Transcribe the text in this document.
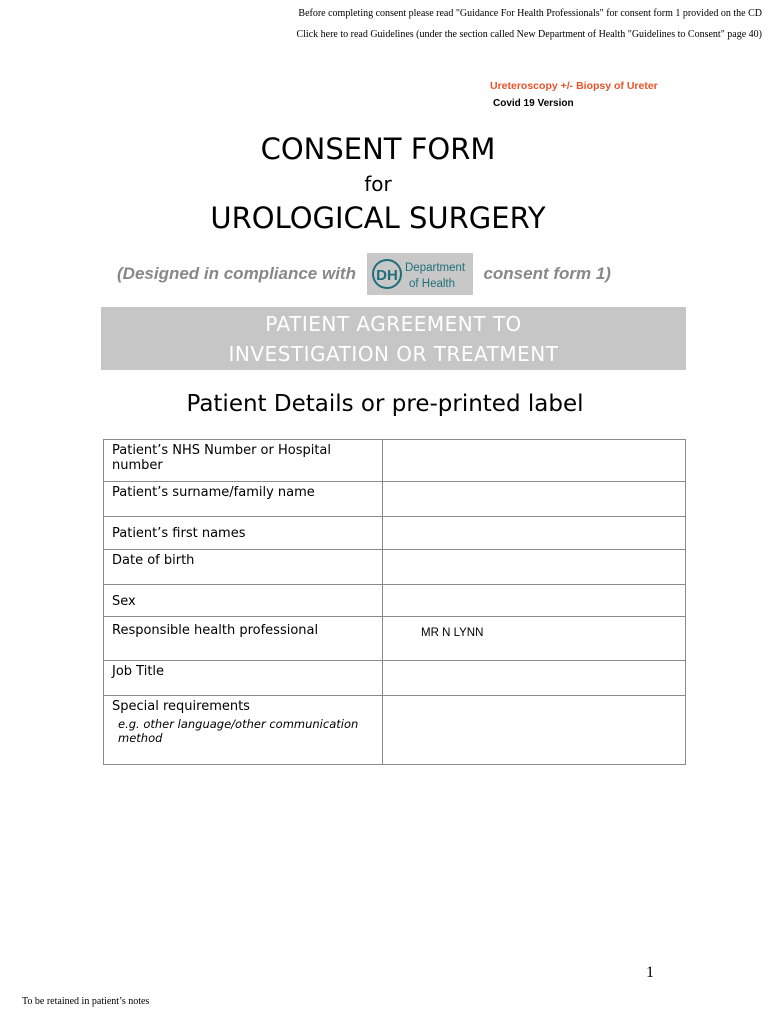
Before completing consent please read "Guidance For Health Professionals" for consent form 1 provided on the CD
Click here to read Guidelines (under the section called New Department of Health "Guidelines to Consent" page 40)
Ureteroscopy +/- Biopsy of Ureter
Covid 19 Version
CONSENT FORM
for
UROLOGICAL SURGERY
(Designed in compliance with DH Department
of Health
consent form 1)
PATIENT AGREEMENT TO
INVESTIGATION OR TREATMENT
Patient Details or pre-printed label
Patient’s NHS Number or Hospital number	
Patient’s surname/family name	
Patient’s first names	
Date of birth	
Sex	
Responsible health professional	MR N LYNN
Job Title	
Special requirements
e.g. other language/other communication method	

1
To be retained in patient’s notes
